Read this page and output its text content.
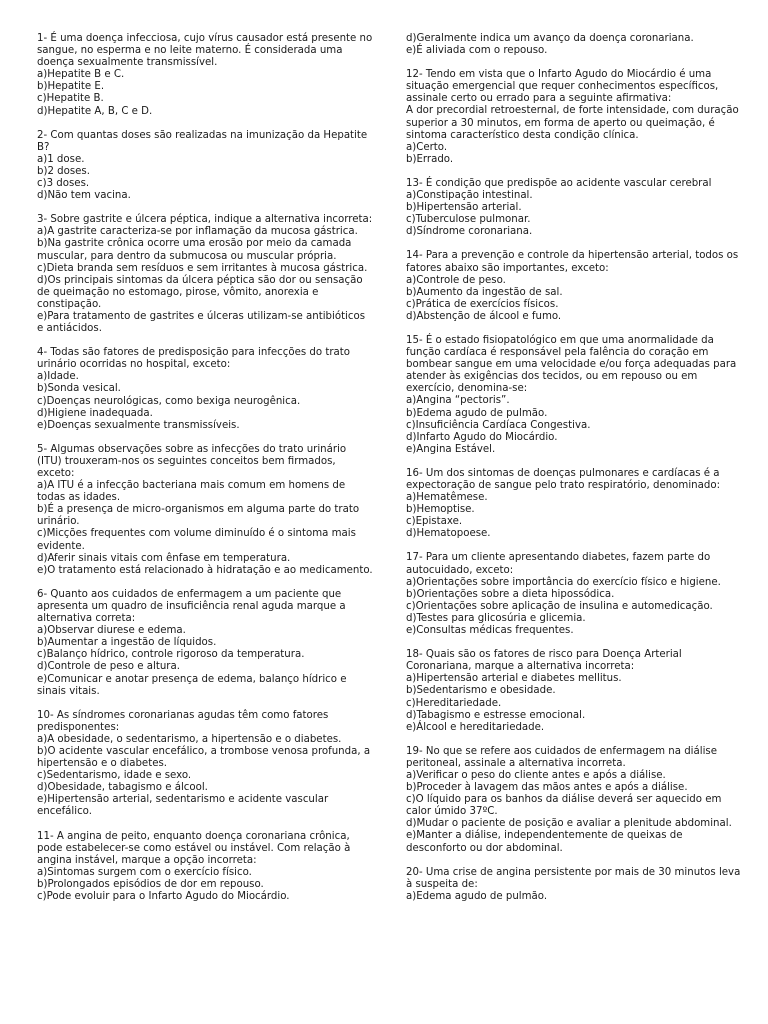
1- É uma doença infecciosa, cujo vírus causador está presente no sangue, no esperma e no leite materno. É considerada uma doença sexualmente transmissível.

a)Hepatite B e C.
b)Hepatite E.
c)Hepatite B.
d)Hepatite A, B, C e D.

2- Com quantas doses são realizadas na imunização da Hepatite B?

a)1 dose.
b)2 doses.
c)3 doses.
d)Não tem vacina.

3- Sobre gastrite e úlcera péptica, indique a alternativa incorreta:

a)A gastrite caracteriza-se por inflamação da mucosa gástrica.
b)Na gastrite crônica ocorre uma erosão por meio da camada muscular, para dentro da submucosa ou muscular própria.
c)Dieta branda sem resíduos e sem irritantes à mucosa gástrica.
d)Os principais sintomas da úlcera péptica são dor ou sensação de queimação no estomago, pirose, vômito, anorexia e constipação.
e)Para tratamento de gastrites e úlceras utilizam-se antibióticos e antiácidos.

4- Todas são fatores de predisposição para infecções do trato urinário ocorridas no hospital, exceto:

a)Idade.
b)Sonda vesical.
c)Doenças neurológicas, como bexiga neurogênica.
d)Higiene inadequada.
e)Doenças sexualmente transmissíveis.

5- Algumas observações sobre as infecções do trato urinário (ITU) trouxeram-nos os seguintes conceitos bem firmados, exceto:

a)A ITU é a infecção bacteriana mais comum em homens de todas as idades.
b)É a presença de micro-organismos em alguma parte do trato urinário.
c)Micções frequentes com volume diminuído é o sintoma mais evidente.
d)Aferir sinais vitais com ênfase em temperatura.
e)O tratamento está relacionado à hidratação e ao medicamento.

6- Quanto aos cuidados de enfermagem a um paciente que apresenta um quadro de insuficiência renal aguda marque a alternativa correta:

a)Observar diurese e edema.
b)Aumentar a ingestão de líquidos.
c)Balanço hídrico, controle rigoroso da temperatura.
d)Controle de peso e altura.
e)Comunicar e anotar presença de edema, balanço hídrico e sinais vitais.

10- As síndromes coronarianas agudas têm como fatores predisponentes:

a)A obesidade, o sedentarismo, a hipertensão e o diabetes.
b)O acidente vascular encefálico, a trombose venosa profunda, a hipertensão e o diabetes.
c)Sedentarismo, idade e sexo.
d)Obesidade, tabagismo e álcool.
e)Hipertensão arterial, sedentarismo e acidente vascular encefálico.

11- A angina de peito, enquanto doença coronariana crônica, pode estabelecer-se como estável ou instável. Com relação à angina instável, marque a opção incorreta:

a)Sintomas surgem com o exercício físico.
b)Prolongados episódios de dor em repouso.
c)Pode evoluir para o Infarto Agudo do Miocárdio.
d)Geralmente indica um avanço da doença coronariana.
e)É aliviada com o repouso.

12- Tendo em vista que o Infarto Agudo do Miocárdio é uma situação emergencial que requer conhecimentos específicos, assinale certo ou errado para a seguinte afirmativa:

A dor precordial retroesternal, de forte intensidade, com duração superior a 30 minutos, em forma de aperto ou queimação, é sintoma característico desta condição clínica.
a)Certo.
b)Errado.

13- É condição que predispõe ao acidente vascular cerebral

a)Constipação intestinal.
b)Hipertensão arterial.
c)Tuberculose pulmonar.
d)Síndrome coronariana.

14- Para a prevenção e controle da hipertensão arterial, todos os fatores abaixo são importantes, exceto:

a)Controle de peso.
b)Aumento da ingestão de sal.
c)Prática de exercícios físicos.
d)Abstenção de álcool e fumo.

15- É o estado fisiopatológico em que uma anormalidade da função cardíaca é responsável pela falência do coração em bombear sangue em uma velocidade e/ou força adequadas para atender às exigências dos tecidos, ou em repouso ou em exercício, denomina-se:

a)Angina “pectoris”.
b)Edema agudo de pulmão.
c)Insuficiência Cardíaca Congestiva.
d)Infarto Agudo do Miocárdio.
e)Angina Estável.

16- Um dos sintomas de doenças pulmonares e cardíacas é a expectoração de sangue pelo trato respiratório, denominado:

a)Hematêmese.
b)Hemoptise.
c)Epistaxe.
d)Hematopoese.

17- Para um cliente apresentando diabetes, fazem parte do autocuidado, exceto:

a)Orientações sobre importância do exercício físico e higiene.
b)Orientações sobre a dieta hipossódica.
c)Orientações sobre aplicação de insulina e automedicação.
d)Testes para glicosúria e glicemia.
e)Consultas médicas frequentes.

18- Quais são os fatores de risco para Doença Arterial Coronariana, marque a alternativa incorreta:

a)Hipertensão arterial e diabetes mellitus.
b)Sedentarismo e obesidade.
c)Hereditariedade.
d)Tabagismo e estresse emocional.
e)Álcool e hereditariedade.

19- No que se refere aos cuidados de enfermagem na diálise peritoneal, assinale a alternativa incorreta.

a)Verificar o peso do cliente antes e após a diálise.
b)Proceder à lavagem das mãos antes e após a diálise.
c)O líquido para os banhos da diálise deverá ser aquecido em calor úmido 37ºC.
d)Mudar o paciente de posição e avaliar a plenitude abdominal.
e)Manter a diálise, independentemente de queixas de desconforto ou dor abdominal.

20- Uma crise de angina persistente por mais de 30 minutos leva à suspeita de:

a)Edema agudo de pulmão.
